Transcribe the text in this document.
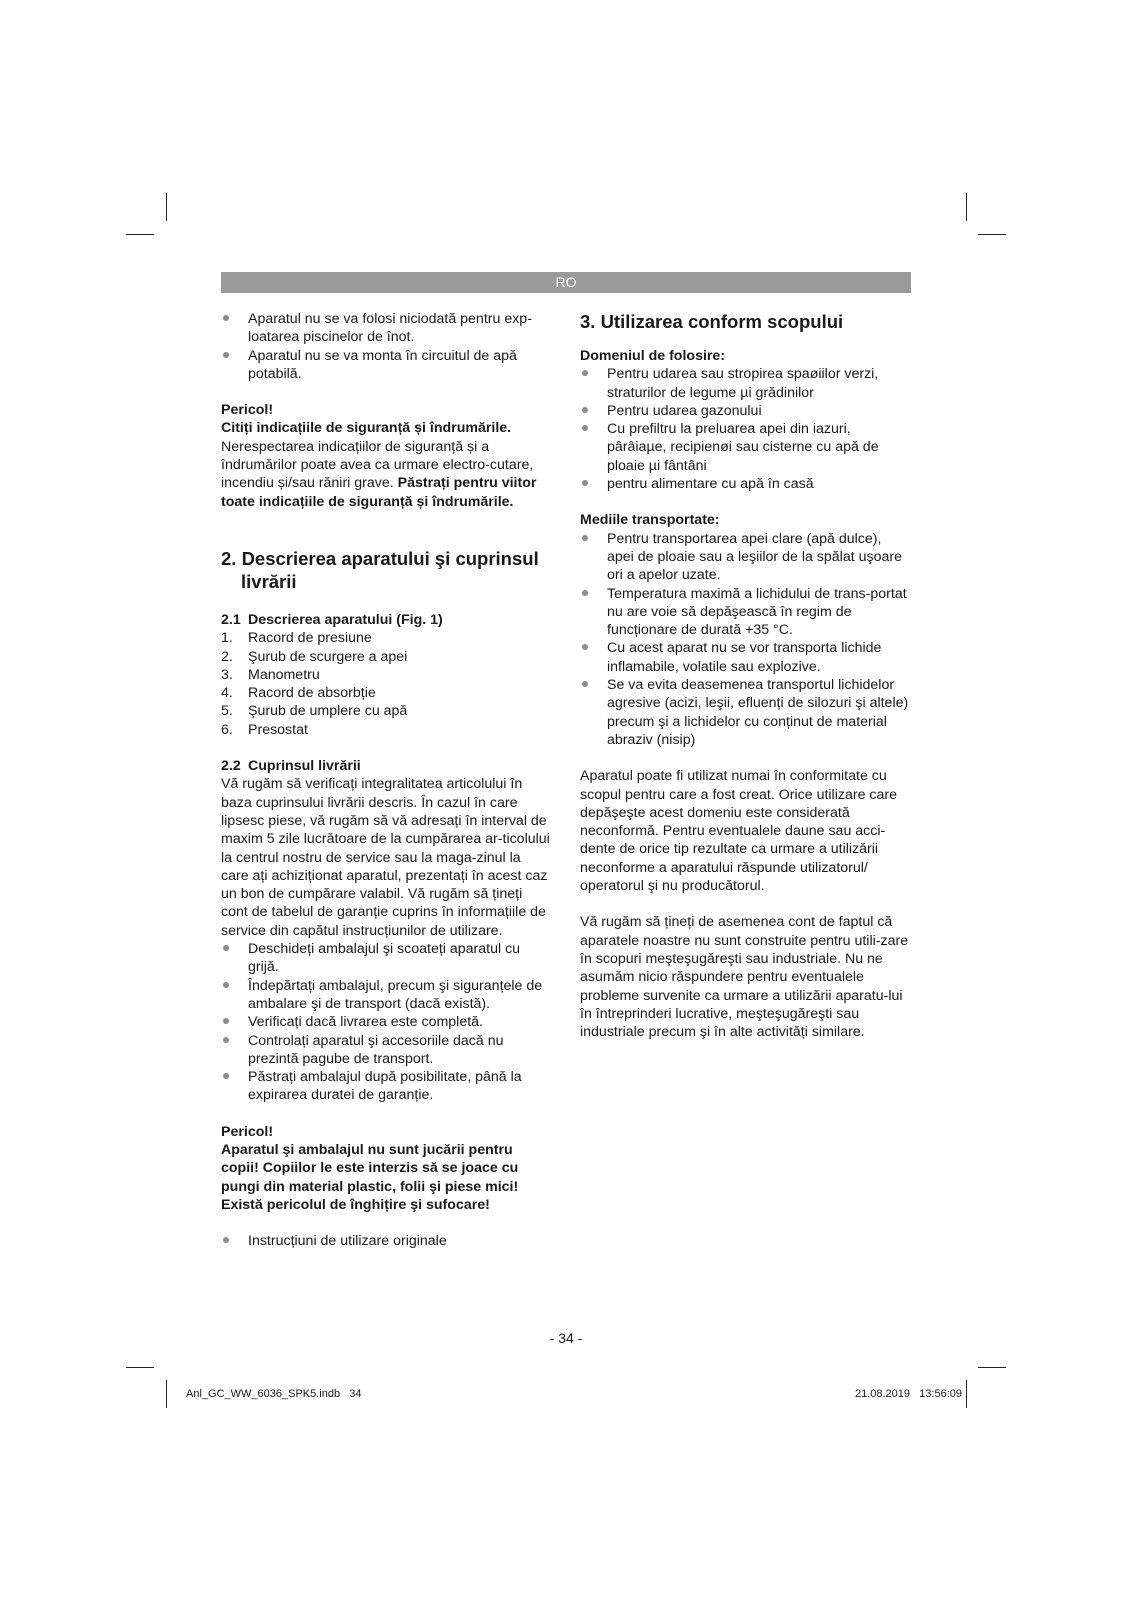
RO
Aparatul nu se va folosi niciodată pentru exp-loatarea piscinelor de înot.
Aparatul nu se va monta în circuitul de apă potabilă.

Pericol!

Citiți indicațiile de siguranță și îndrumările. Nerespectarea indicațiilor de siguranță și a îndrumărilor poate avea ca urmare electro-cutare, incendiu și/sau răniri grave. Păstrați pentru viitor toate indicațiile de siguranță și îndrumările.

2. Descrierea aparatului şi cuprinsul livrării

2.1 Descrierea aparatului (Fig. 1)

1. Racord de presiune
2. Şurub de scurgere a apei
3. Manometru
4. Racord de absorbție
5. Şurub de umplere cu apă
6. Presostat

2.2 Cuprinsul livrării

Vă rugăm să verificați integralitatea articolului în baza cuprinsului livrării descris. În cazul în care lipsesc piese, vă rugăm să vă adresați în interval de maxim 5 zile lucrătoare de la cumpărarea ar-ticolului la centrul nostru de service sau la maga-zinul la care ați achiziționat aparatul, prezentați în acest caz un bon de cumpărare valabil. Vă rugăm să țineți cont de tabelul de garanție cuprins în informațiile de service din capătul instrucțiunilor de utilizare.

Deschideți ambalajul şi scoateți aparatul cu grijă.
Îndepărtați ambalajul, precum şi siguranțele de ambalare şi de transport (dacă există).
Verificați dacă livrarea este completă.
Controlați aparatul şi accesoriile dacă nu prezintă pagube de transport.
Păstrați ambalajul după posibilitate, până la expirarea duratei de garanție.

Pericol!

Aparatul şi ambalajul nu sunt jucării pentru copii! Copiilor le este interzis să se joace cu pungi din material plastic, folii şi piese mici! Există pericolul de înghițire şi sufocare!

Instrucțiuni de utilizare originale
3. Utilizarea conform scopului

Domeniul de folosire:

Pentru udarea sau stropirea spaøiilor verzi, straturilor de legume µi grădinilor
Pentru udarea gazonului
Cu prefiltru la preluarea apei din iazuri, pârâiaµe, recipienøi sau cisterne cu apă de ploaie µi fântâni
pentru alimentare cu apă în casă

Mediile transportate:

Pentru transportarea apei clare (apă dulce), apei de ploaie sau a leşiilor de la spălat uşoare ori a apelor uzate.
Temperatura maximă a lichidului de trans-portat nu are voie să depăşească în regim de funcționare de durată +35 °C.
Cu acest aparat nu se vor transporta lichide inflamabile, volatile sau explozive.
Se va evita deasemenea transportul lichidelor agresive (acizi, leşii, efluenți de silozuri şi altele) precum şi a lichidelor cu conținut de material abraziv (nisip)

Aparatul poate fi utilizat numai în conformitate cu scopul pentru care a fost creat. Orice utilizare care depăşeşte acest domeniu este considerată neconformă. Pentru eventualele daune sau acci-dente de orice tip rezultate ca urmare a utilizării neconforme a aparatului răspunde utilizatorul/ operatorul şi nu producătorul.

Vă rugăm să țineți de asemenea cont de faptul că aparatele noastre nu sunt construite pentru utili-zare în scopuri meşteşugăreşti sau industriale. Nu ne asumăm nicio răspundere pentru eventualele probleme survenite ca urmare a utilizării aparatu-lui în întreprinderi lucrative, meşteşugăreşti sau industriale precum şi în alte activități similare.

- 34 -
Anl_GC_WW_6036_SPK5.indb   34	21.08.2019   13:56:09
